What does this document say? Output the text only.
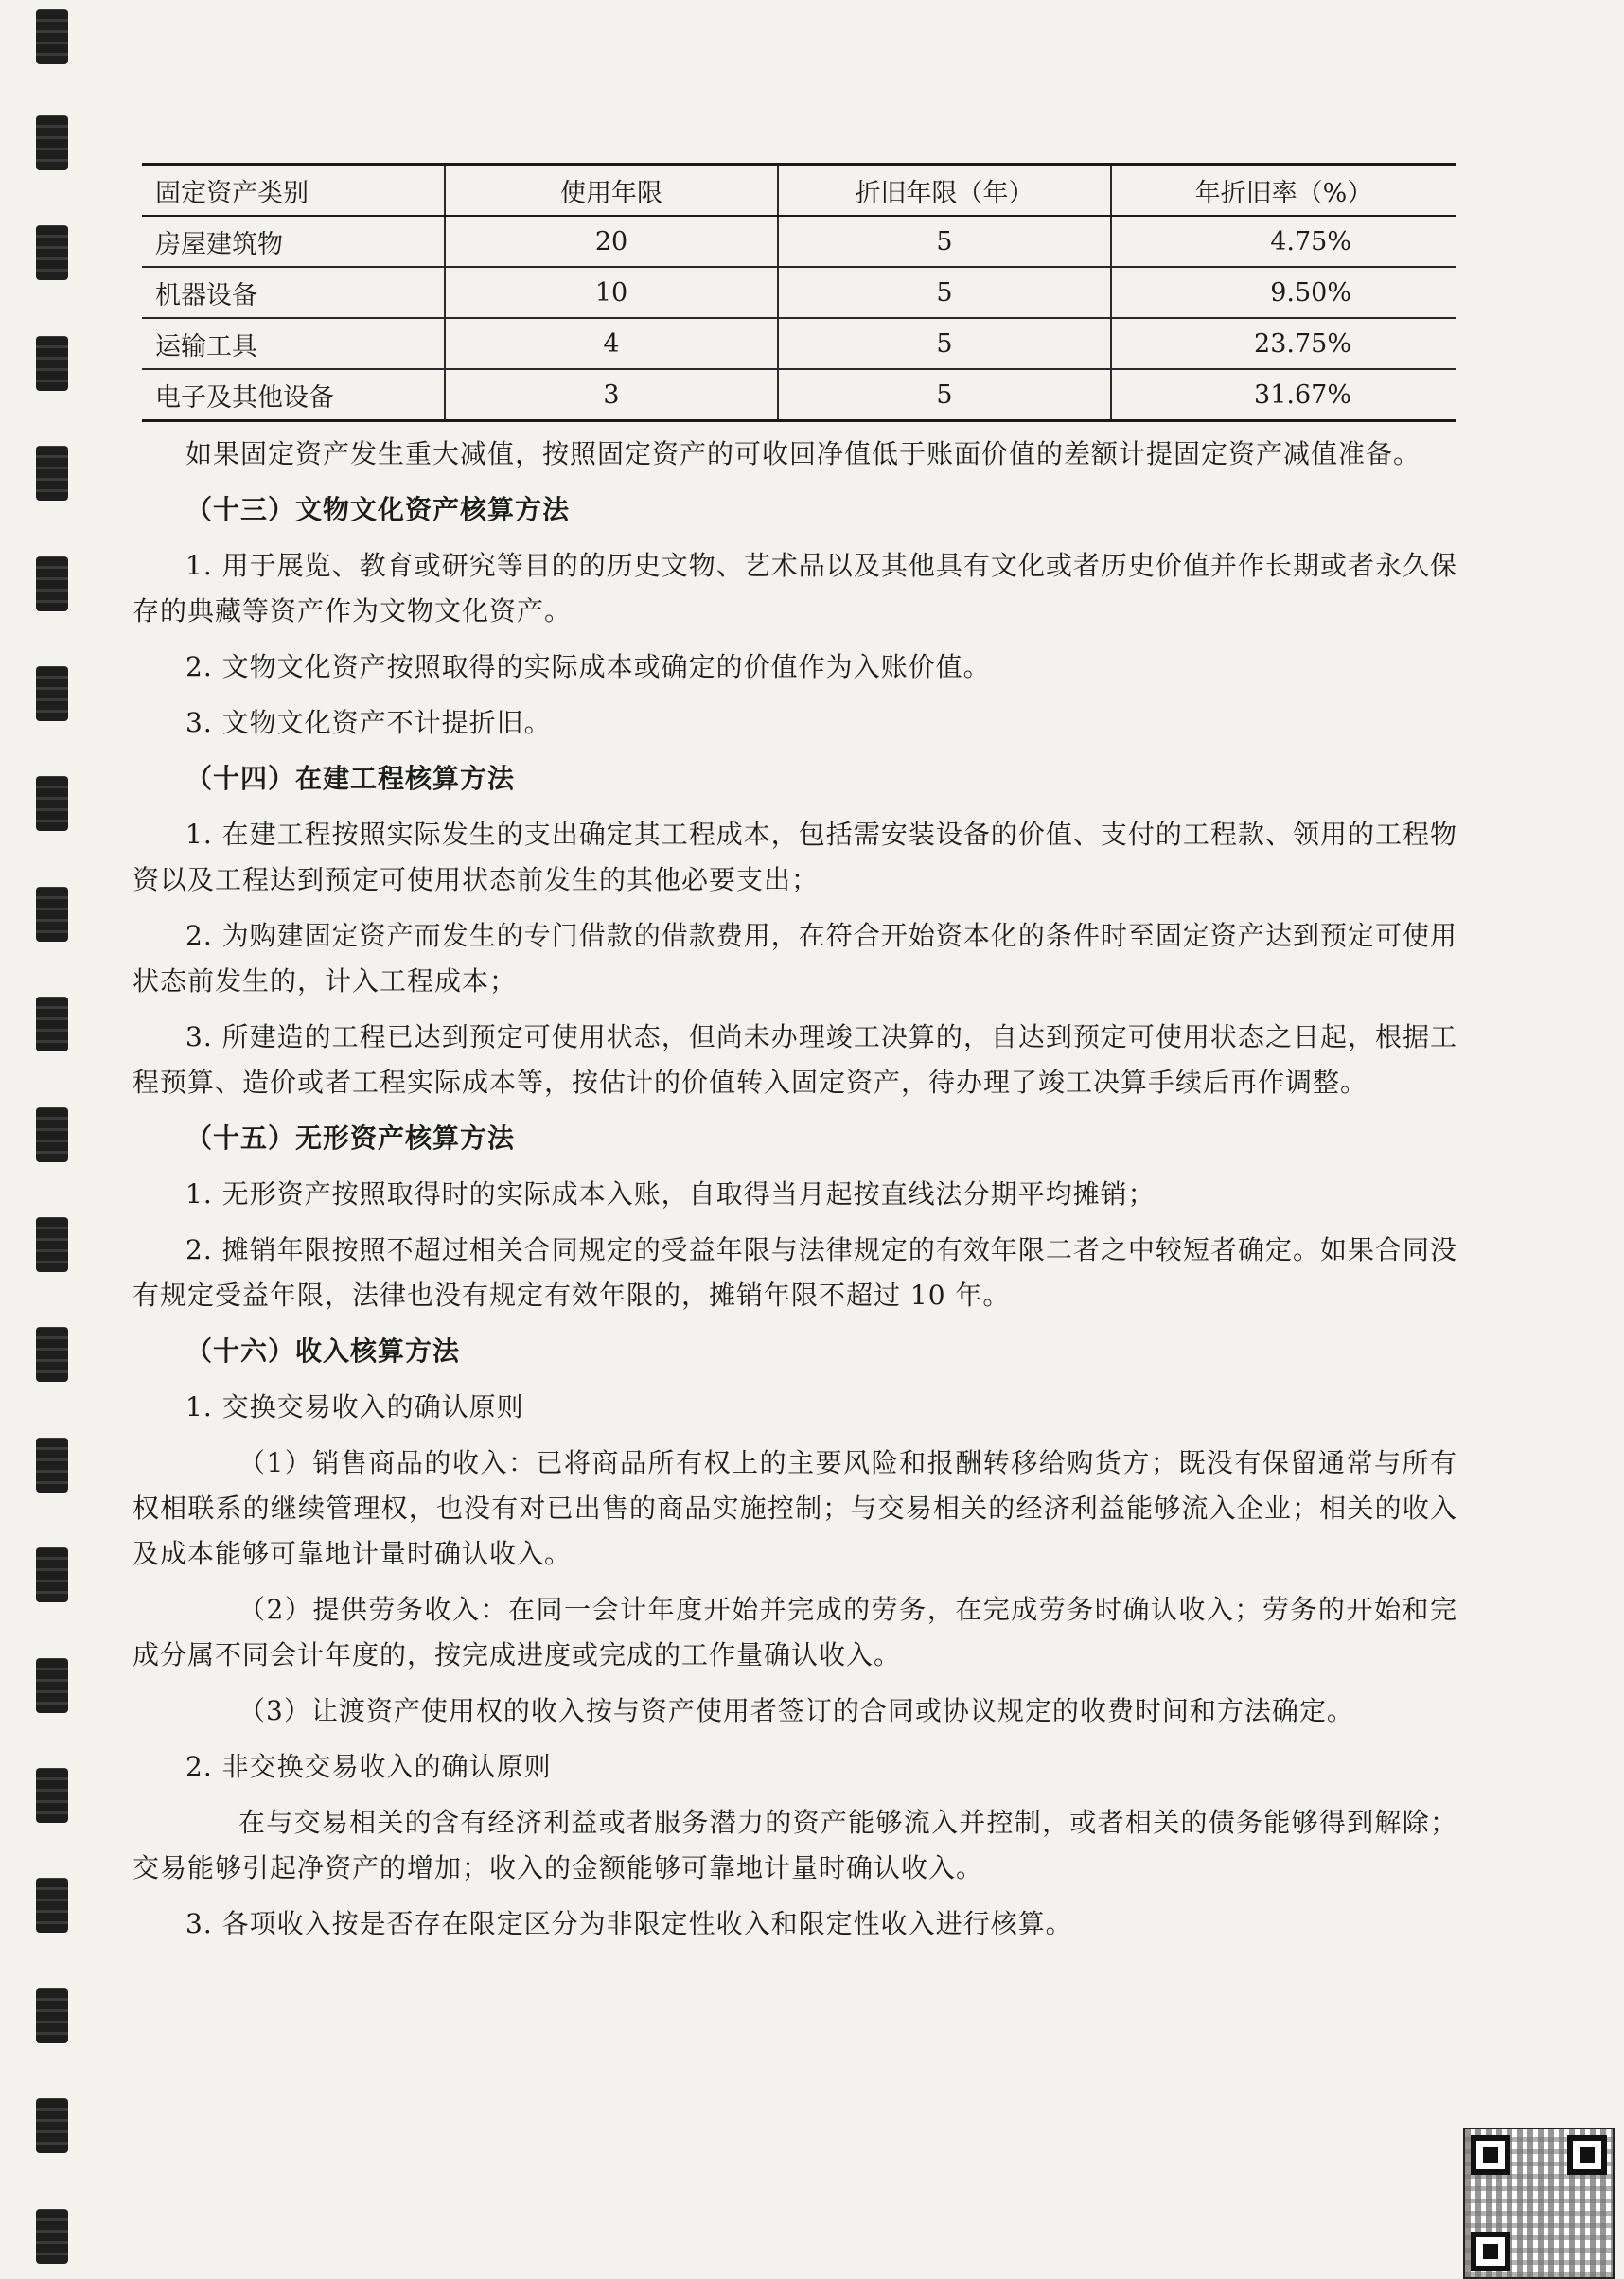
固定资产类别	使用年限	折旧年限（年）	年折旧率（%）
房屋建筑物	20	5	4.75%
机器设备	10	5	9.50%
运输工具	4	5	23.75%
电子及其他设备	3	5	31.67%

如果固定资产发生重大减值，按照固定资产的可收回净值低于账面价值的差额计提固定资产减值准备。

（十三）文物文化资产核算方法

1. 用于展览、教育或研究等目的的历史文物、艺术品以及其他具有文化或者历史价值并作长期或者永久保存的典藏等资产作为文物文化资产。

2. 文物文化资产按照取得的实际成本或确定的价值作为入账价值。

3. 文物文化资产不计提折旧。

（十四）在建工程核算方法

1. 在建工程按照实际发生的支出确定其工程成本，包括需安装设备的价值、支付的工程款、领用的工程物资以及工程达到预定可使用状态前发生的其他必要支出；

2. 为购建固定资产而发生的专门借款的借款费用，在符合开始资本化的条件时至固定资产达到预定可使用状态前发生的，计入工程成本；

3. 所建造的工程已达到预定可使用状态，但尚未办理竣工决算的，自达到预定可使用状态之日起，根据工程预算、造价或者工程实际成本等，按估计的价值转入固定资产，待办理了竣工决算手续后再作调整。

（十五）无形资产核算方法

1. 无形资产按照取得时的实际成本入账，自取得当月起按直线法分期平均摊销；

2. 摊销年限按照不超过相关合同规定的受益年限与法律规定的有效年限二者之中较短者确定。如果合同没有规定受益年限，法律也没有规定有效年限的，摊销年限不超过 10 年。

（十六）收入核算方法

1. 交换交易收入的确认原则

（1）销售商品的收入：已将商品所有权上的主要风险和报酬转移给购货方；既没有保留通常与所有权相联系的继续管理权，也没有对已出售的商品实施控制；与交易相关的经济利益能够流入企业；相关的收入及成本能够可靠地计量时确认收入。

（2）提供劳务收入：在同一会计年度开始并完成的劳务，在完成劳务时确认收入；劳务的开始和完成分属不同会计年度的，按完成进度或完成的工作量确认收入。

（3）让渡资产使用权的收入按与资产使用者签订的合同或协议规定的收费时间和方法确定。

2. 非交换交易收入的确认原则

在与交易相关的含有经济利益或者服务潜力的资产能够流入并控制，或者相关的债务能够得到解除；交易能够引起净资产的增加；收入的金额能够可靠地计量时确认收入。

3. 各项收入按是否存在限定区分为非限定性收入和限定性收入进行核算。
